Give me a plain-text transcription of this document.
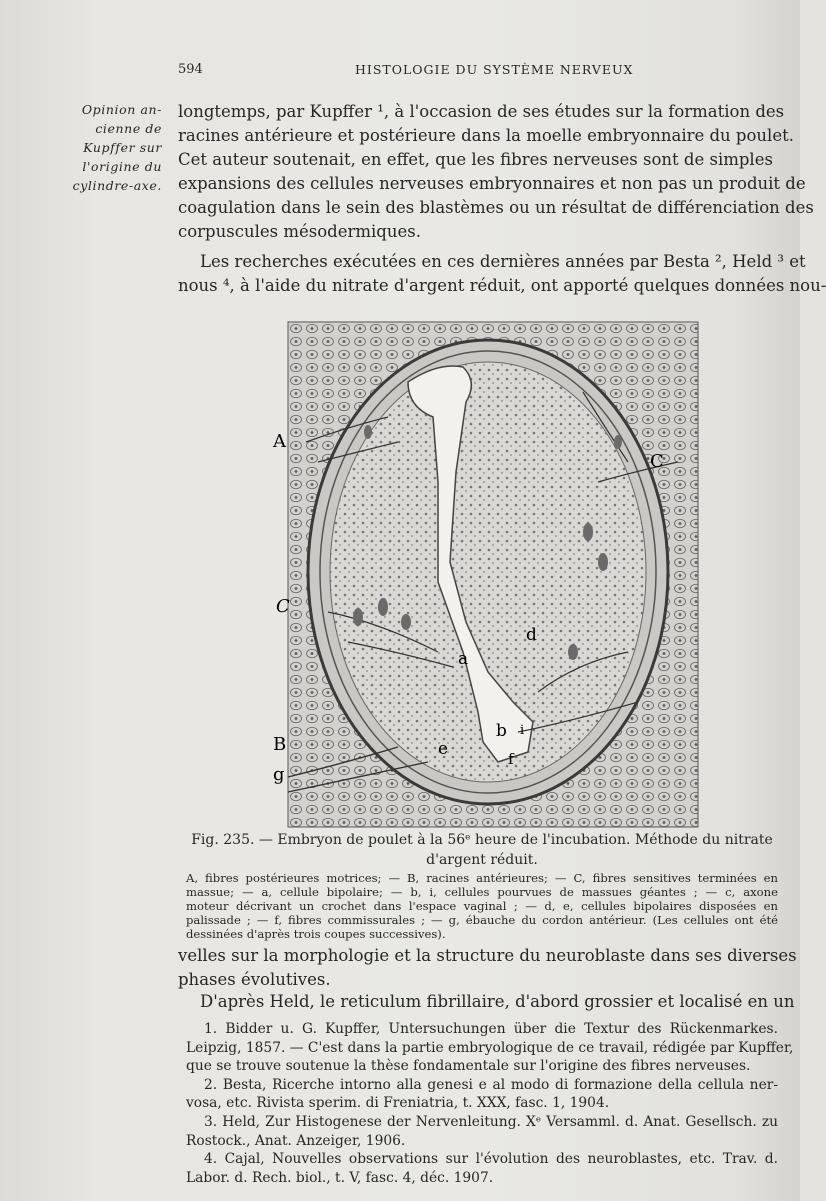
594	HISTOLOGIE DU SYSTÈME NERVEUX
Opinion an-
cienne de
Kupffer sur
l'origine du
cylindre-axe.
longtemps, par Kupffer ¹, à l'occasion de ses études sur la formation des
racines antérieure et postérieure dans la moelle embryonnaire du poulet.
Cet auteur soutenait, en effet, que les fibres nerveuses sont de simples
expansions des cellules nerveuses embryonnaires et non pas un produit de
coagulation dans le sein des blastèmes ou un résultat de différenciation des
corpuscules mésodermiques.
Les recherches exécutées en ces dernières années par Besta ², Held ³ et
nous ⁴, à l'aide du nitrate d'argent réduit, ont apporté quelques données nou-
A
C
B
g
C
a
d
e
b
f
i
Fig. 235. — Embryon de poulet à la 56ᵉ heure de l'incubation. Méthode du nitrate d'argent réduit.
A, fibres postérieures motrices; — B, racines antérieures; — C, fibres sensitives terminées en
massue; — a, cellule bipolaire; — b, i, cellules pourvues de massues géantes ; — c, axone
moteur décrivant un crochet dans l'espace vaginal ; — d, e, cellules bipolaires disposées en
palissade ; — f, fibres commissurales ; — g, ébauche du cordon antérieur. (Les cellules ont été
dessinées d'après trois coupes successives).
velles sur la morphologie et la structure du neuroblaste dans ses diverses
phases évolutives.
D'après Held, le reticulum fibrillaire, d'abord grossier et localisé en un
1. Bidder u. G. Kupffer, Untersuchungen über die Textur des Rückenmarkes.
Leipzig, 1857. — C'est dans la partie embryologique de ce travail, rédigée par Kupffer,
que se trouve soutenue la thèse fondamentale sur l'origine des fibres nerveuses.
2. Besta, Ricerche intorno alla genesi e al modo di formazione della cellula ner-
vosa, etc. Rivista sperim. di Freniatria, t. XXX, fasc. 1, 1904.
3. Held, Zur Histogenese der Nervenleitung. Xᵉ Versamml. d. Anat. Gesellsch. zu
Rostock., Anat. Anzeiger, 1906.
4. Cajal, Nouvelles observations sur l'évolution des neuroblastes, etc. Trav. d.
Labor. d. Rech. biol., t. V, fasc. 4, déc. 1907.
